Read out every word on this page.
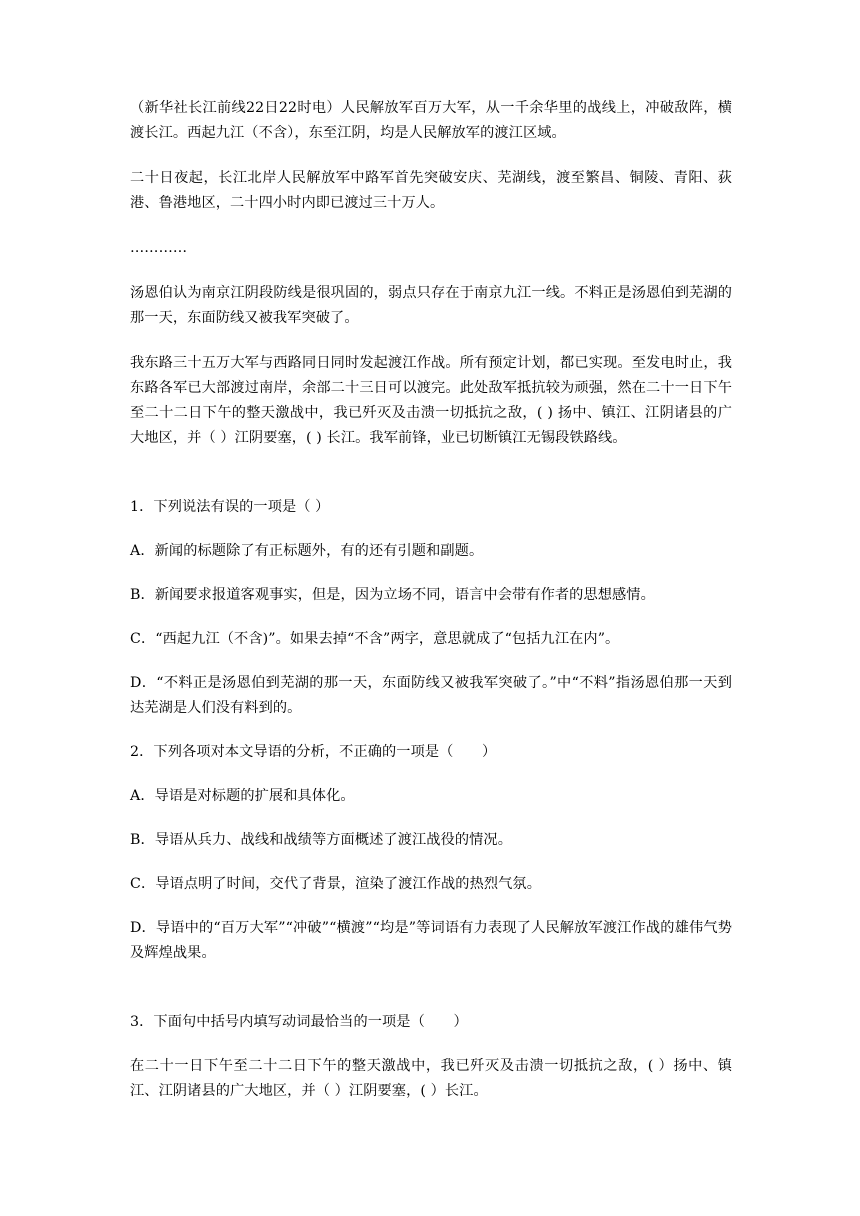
（新华社长江前线22日22时电）人民解放军百万大军，从一千余华里的战线上，冲破敌阵，横渡长江。西起九江（不含），东至江阴，均是人民解放军的渡江区域。

二十日夜起，长江北岸人民解放军中路军首先突破安庆、芜湖线，渡至繁昌、铜陵、青阳、荻港、鲁港地区，二十四小时内即已渡过三十万人。

…………

汤恩伯认为南京江阴段防线是很巩固的，弱点只存在于南京九江一线。不料正是汤恩伯到芜湖的那一天，东面防线又被我军突破了。

我东路三十五万大军与西路同日同时发起渡江作战。所有预定计划，都已实现。至发电时止，我东路各军已大部渡过南岸，余部二十三日可以渡完。此处敌军抵抗较为顽强，然在二十一日下午至二十二日下午的整天激战中，我已歼灭及击溃一切抵抗之敌，( ) 扬中、镇江、江阴诸县的广大地区，并（ ）江阴要塞，( ) 长江。我军前锋，业已切断镇江无锡段铁路线。

1．下列说法有误的一项是（ ）

A．新闻的标题除了有正标题外，有的还有引题和副题。

B．新闻要求报道客观事实，但是，因为立场不同，语言中会带有作者的思想感情。

C．“西起九江（不含)”。如果去掉“不含”两字，意思就成了“包括九江在内”。

D．“不料正是汤恩伯到芜湖的那一天，东面防线又被我军突破了。”中“不料”指汤恩伯那一天到达芜湖是人们没有料到的。

2．下列各项对本文导语的分析，不正确的一项是（　　）

A．导语是对标题的扩展和具体化。

B．导语从兵力、战线和战绩等方面概述了渡江战役的情况。

C．导语点明了时间，交代了背景，渲染了渡江作战的热烈气氛。

D．导语中的“百万大军”“冲破”“横渡”“均是”等词语有力表现了人民解放军渡江作战的雄伟气势及辉煌战果。

3．下面句中括号内填写动词最恰当的一项是（　　）

在二十一日下午至二十二日下午的整天激战中，我已歼灭及击溃一切抵抗之敌，( ）扬中、镇江、江阴诸县的广大地区，并（ ）江阴要塞，( ）长江。
